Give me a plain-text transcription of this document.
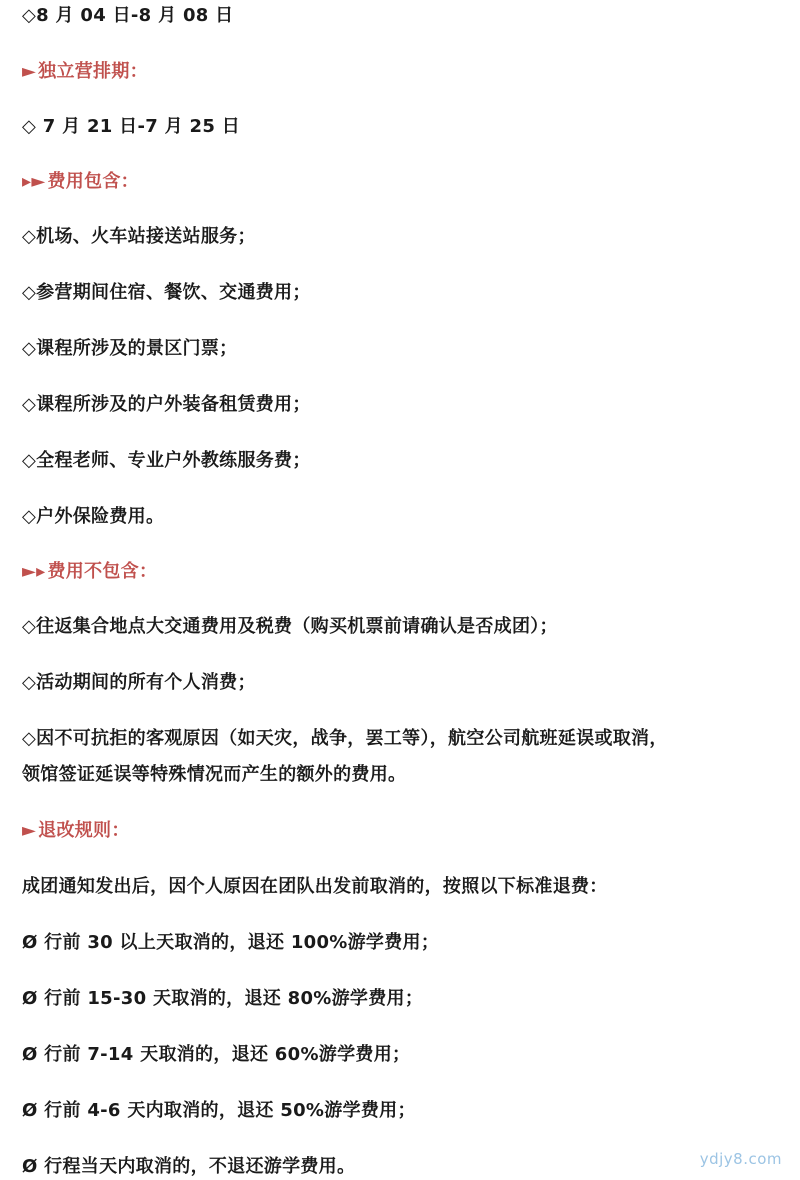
◇8 月 04 日-8 月 08 日
► 独立营排期：
◇ 7 月 21 日-7 月 25 日
▸► 费用包含：
◇机场、火车站接送站服务；
◇参营期间住宿、餐饮、交通费用；
◇课程所涉及的景区门票；
◇课程所涉及的户外装备租赁费用；
◇全程老师、专业户外教练服务费；
◇户外保险费用。
►▸ 费用不包含：
◇往返集合地点大交通费用及税费（购买机票前请确认是否成团）；
◇活动期间的所有个人消费；
◇因不可抗拒的客观原因（如天灾，战争，罢工等），航空公司航班延误或取消，
领馆签证延误等特殊情况而产生的额外的费用。
► 退改规则：
成团通知发出后，因个人原因在团队出发前取消的，按照以下标准退费：
Ø 行前 30 以上天取消的，退还 100%游学费用；
Ø 行前 15-30 天取消的，退还 80%游学费用；
Ø 行前 7-14 天取消的，退还 60%游学费用；
Ø 行前 4-6 天内取消的，退还 50%游学费用；
Ø 行程当天内取消的，不退还游学费用。	ydjy8.com
